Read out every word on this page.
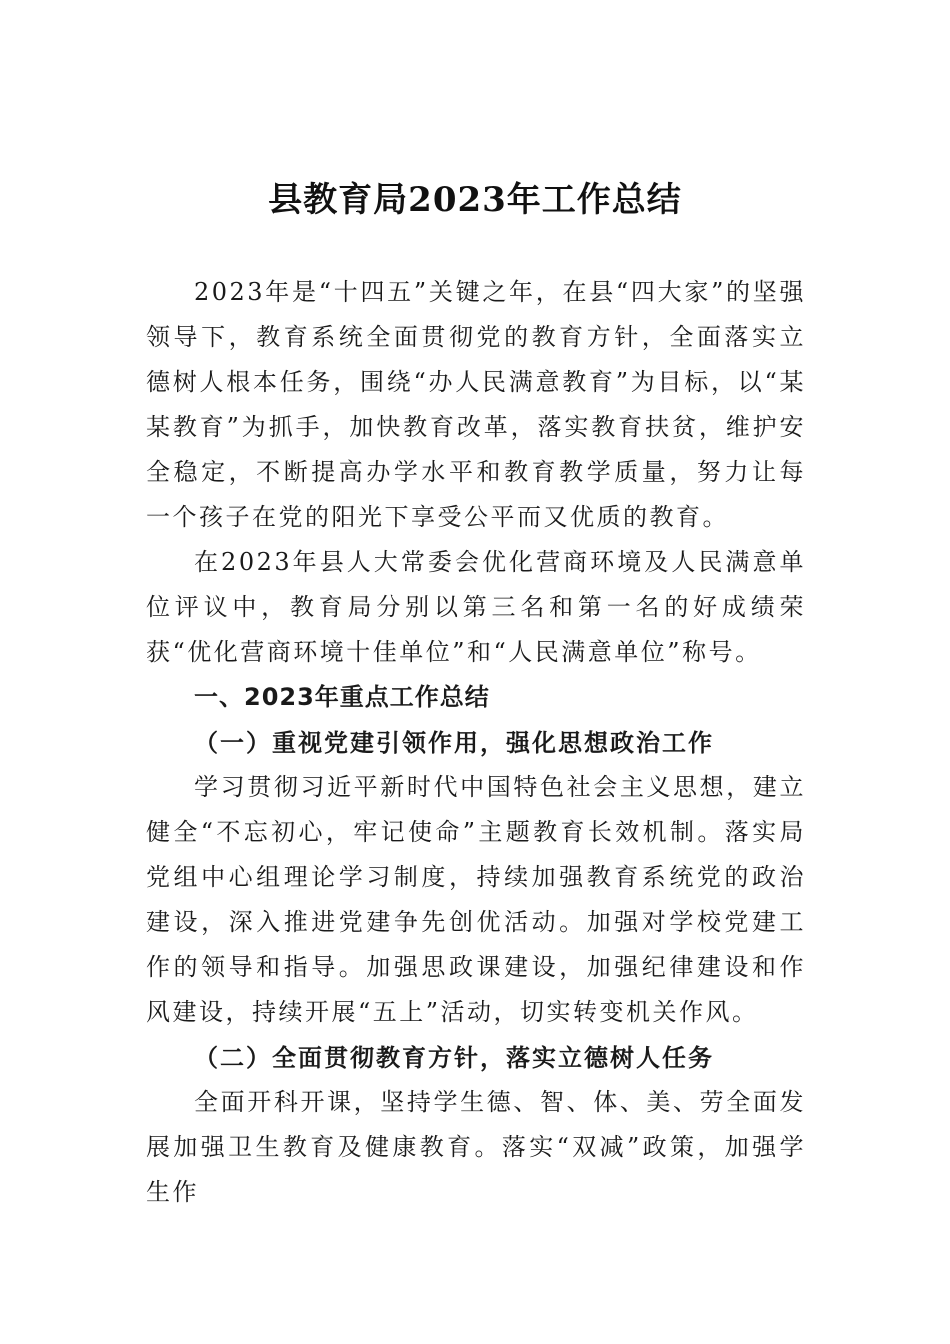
县教育局2023年工作总结

2023年是“十四五”关键之年，在县“四大家”的坚强领导下，教育系统全面贯彻党的教育方针，全面落实立德树人根本任务，围绕“办人民满意教育”为目标，以“某某教育”为抓手，加快教育改革，落实教育扶贫，维护安全稳定，不断提高办学水平和教育教学质量，努力让每一个孩子在党的阳光下享受公平而又优质的教育。

在2023年县人大常委会优化营商环境及人民满意单位评议中，教育局分别以第三名和第一名的好成绩荣获“优化营商环境十佳单位”和“人民满意单位”称号。

一、2023年重点工作总结

（一）重视党建引领作用，强化思想政治工作

学习贯彻习近平新时代中国特色社会主义思想，建立健全“不忘初心，牢记使命”主题教育长效机制。落实局党组中心组理论学习制度，持续加强教育系统党的政治建设，深入推进党建争先创优活动。加强对学校党建工作的领导和指导。加强思政课建设，加强纪律建设和作风建设，持续开展“五上”活动，切实转变机关作风。

（二）全面贯彻教育方针，落实立德树人任务

全面开科开课，坚持学生德、智、体、美、劳全面发展加强卫生教育及健康教育。落实“双减”政策，加强学生作
